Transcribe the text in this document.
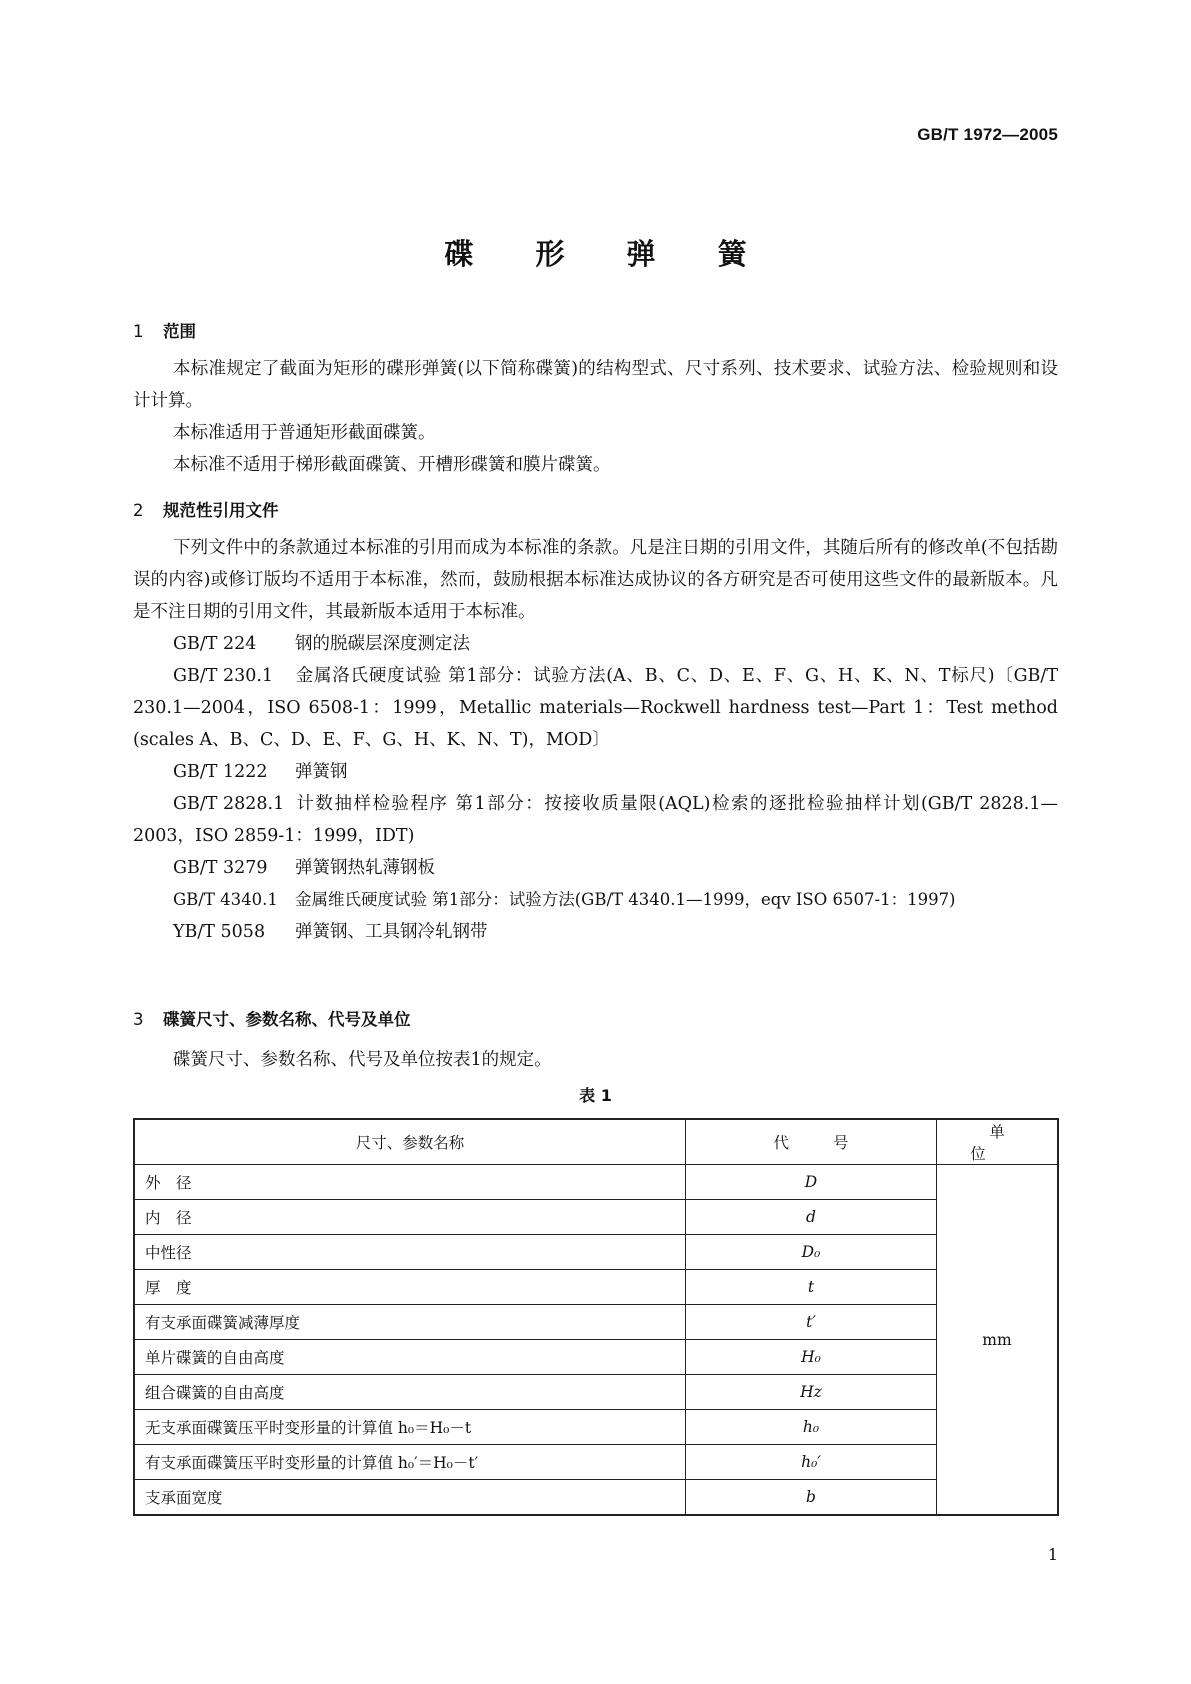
GB/T 1972—2005
碟 形 弹 簧
1 范围

本标准规定了截面为矩形的碟形弹簧(以下简称碟簧)的结构型式、尺寸系列、技术要求、试验方法、检验规则和设计计算。

本标准适用于普通矩形截面碟簧。

本标准不适用于梯形截面碟簧、开槽形碟簧和膜片碟簧。

2 规范性引用文件

下列文件中的条款通过本标准的引用而成为本标准的条款。凡是注日期的引用文件，其随后所有的修改单(不包括勘误的内容)或修订版均不适用于本标准，然而，鼓励根据本标准达成协议的各方研究是否可使用这些文件的最新版本。凡是不注日期的引用文件，其最新版本适用于本标准。

GB/T 224 钢的脱碳层深度测定法

GB/T 230.1 金属洛氏硬度试验 第1部分：试验方法(A、B、C、D、E、F、G、H、K、N、T标尺)〔GB/T 230.1—2004，ISO 6508-1：1999，Metallic materials—Rockwell hardness test—Part 1：Test method (scales A、B、C、D、E、F、G、H、K、N、T)，MOD〕

GB/T 1222 弹簧钢

GB/T 2828.1 计数抽样检验程序 第1部分：按接收质量限(AQL)检索的逐批检验抽样计划(GB/T 2828.1—2003，ISO 2859-1：1999，IDT)

GB/T 3279 弹簧钢热轧薄钢板

GB/T 4340.1 金属维氏硬度试验 第1部分：试验方法(GB/T 4340.1—1999，eqv ISO 6507-1：1997)

YB/T 5058 弹簧钢、工具钢冷轧钢带

3 碟簧尺寸、参数名称、代号及单位

碟簧尺寸、参数名称、代号及单位按表1的规定。

表 1
尺寸、参数名称	代号	单位
外　径	D	mm
内　径	d	
中性径	D₀	
厚　度	t	
有支承面碟簧减薄厚度	t′	
单片碟簧的自由高度	H₀	
组合碟簧的自由高度	Hz	
无支承面碟簧压平时变形量的计算值 h₀＝H₀－t	h₀	
有支承面碟簧压平时变形量的计算值 h₀′＝H₀－t′	h₀′	
支承面宽度	b	
1
